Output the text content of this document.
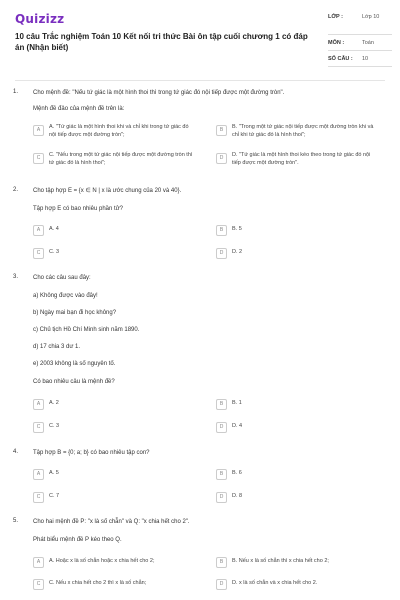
Quizizz
10 câu Trắc nghiệm Toán 10 Kết nối tri thức Bài ôn tập cuối chương 1 có đáp án (Nhận biết)
LỚP :	Lớp 10
MÔN :	Toán
SỐ CÂU : 10
1. Cho mệnh đề: "Nếu tứ giác là một hình thoi thì trong tứ giác đó nội tiếp được một đường tròn".
Mệnh đề đảo của mệnh đề trên là:
A	A. "Tứ giác là một hình thoi khi và chỉ khi trong tứ giác đó nội tiếp được một đường tròn";
B	B. "Trong một tứ giác nội tiếp được một đường tròn khi và chỉ khi tứ giác đó là hình thoi";
C	C. "Nếu trong một tứ giác nội tiếp được một đường tròn thì tứ giác đó là hình thoi";
D	D. "Tứ giác là một hình thoi kéo theo trong tứ giác đó nội tiếp được một đường tròn".
2. Cho tập hợp E = {x ∈ N | x là ước chung của 20 và 40}.
Tập hợp E có bao nhiêu phần tử?
A	A. 4	B	B. 5
C	C. 3	D	D. 2
3. Cho các câu sau đây:
a) Không được vào đây!
b) Ngày mai bạn đi học không?
c) Chủ tịch Hồ Chí Minh sinh năm 1890.
d) 17 chia 3 dư 1.
e) 2003 không là số nguyên tố.
Có bao nhiêu câu là mệnh đề?
A	A. 2	B	B. 1
C	C. 3	D	D. 4
4. Tập hợp B = {0; a; b} có bao nhiêu tập con?
A	A. 5	B	B. 6
C	C. 7	D	D. 8
5. Cho hai mệnh đề P: "x là số chẵn" và Q: "x chia hết cho 2".
Phát biểu mệnh đề P kéo theo Q.
A	A. Hoặc x là số chẵn hoặc x chia hết cho 2;	B	B. Nếu x là số chẵn thì x chia hết cho 2;
C	C. Nếu x chia hết cho 2 thì x là số chẵn;	D	D. x là số chẵn và x chia hết cho 2.
